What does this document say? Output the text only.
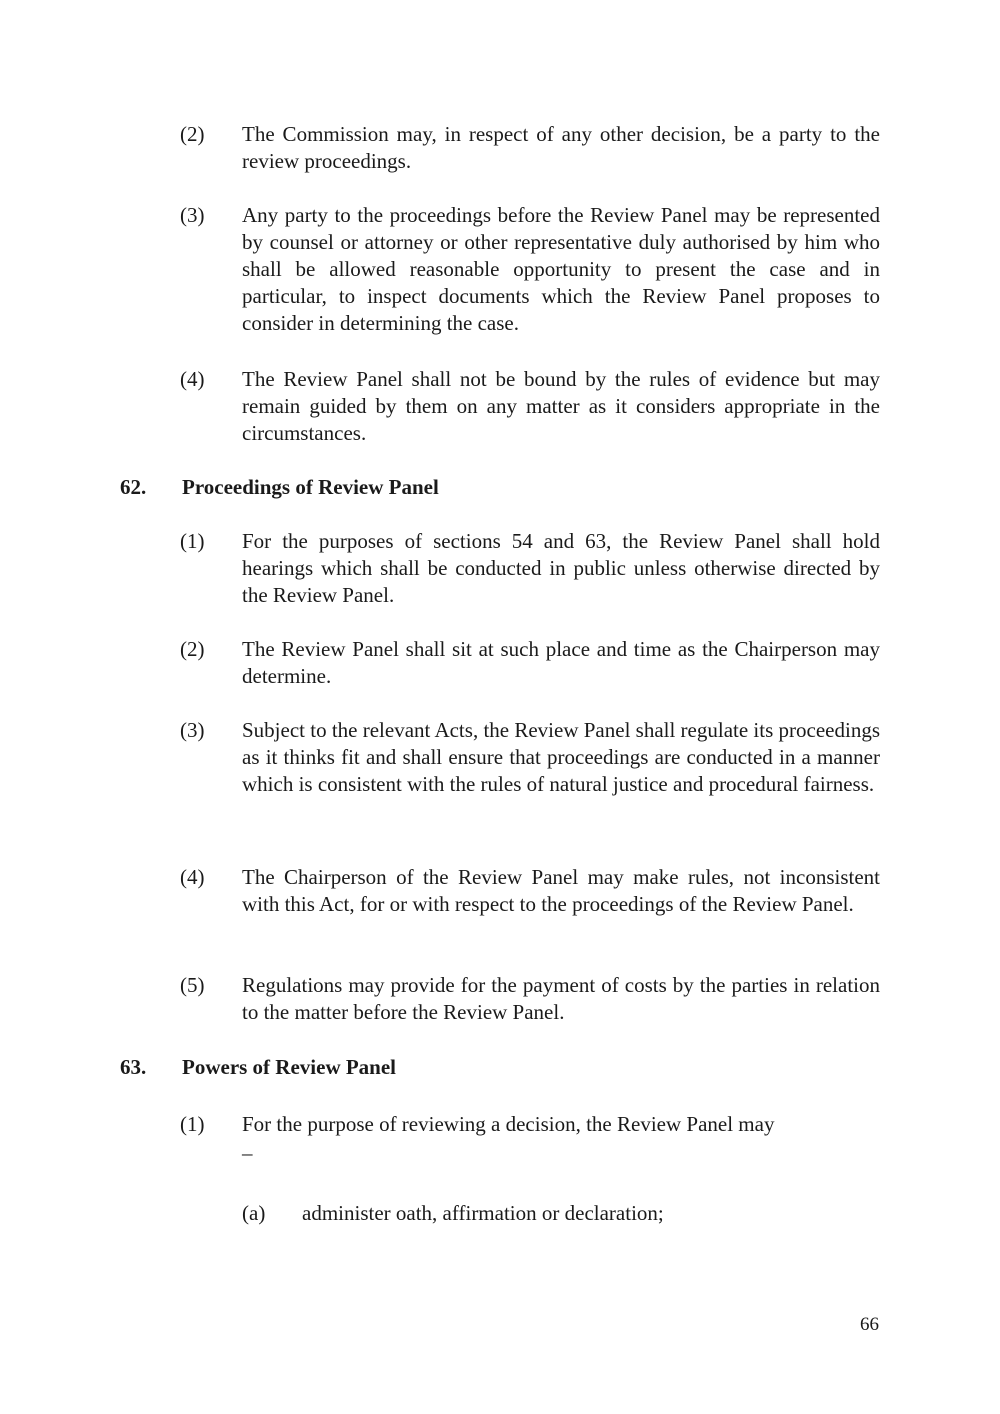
(2) The Commission may, in respect of any other decision, be a party to the review proceedings.
(3) Any party to the proceedings before the Review Panel may be represented by counsel or attorney or other representative duly authorised by him who shall be allowed reasonable opportunity to present the case and in particular, to inspect documents which the Review Panel proposes to consider in determining the case.
(4) The Review Panel shall not be bound by the rules of evidence but may remain guided by them on any matter as it considers appropriate in the circumstances.
62. Proceedings of Review Panel
(1) For the purposes of sections 54 and 63, the Review Panel shall hold hearings which shall be conducted in public unless otherwise directed by the Review Panel.
(2) The Review Panel shall sit at such place and time as the Chairperson may determine.
(3) Subject to the relevant Acts, the Review Panel shall regulate its proceedings as it thinks fit and shall ensure that proceedings are conducted in a manner which is consistent with the rules of natural justice and procedural fairness.
(4) The Chairperson of the Review Panel may make rules, not inconsistent with this Act, for or with respect to the proceedings of the Review Panel.
(5) Regulations may provide for the payment of costs by the parties in relation to the matter before the Review Panel.
63. Powers of Review Panel
(1) For the purpose of reviewing a decision, the Review Panel may
–
(a) administer oath, affirmation or declaration;
66
